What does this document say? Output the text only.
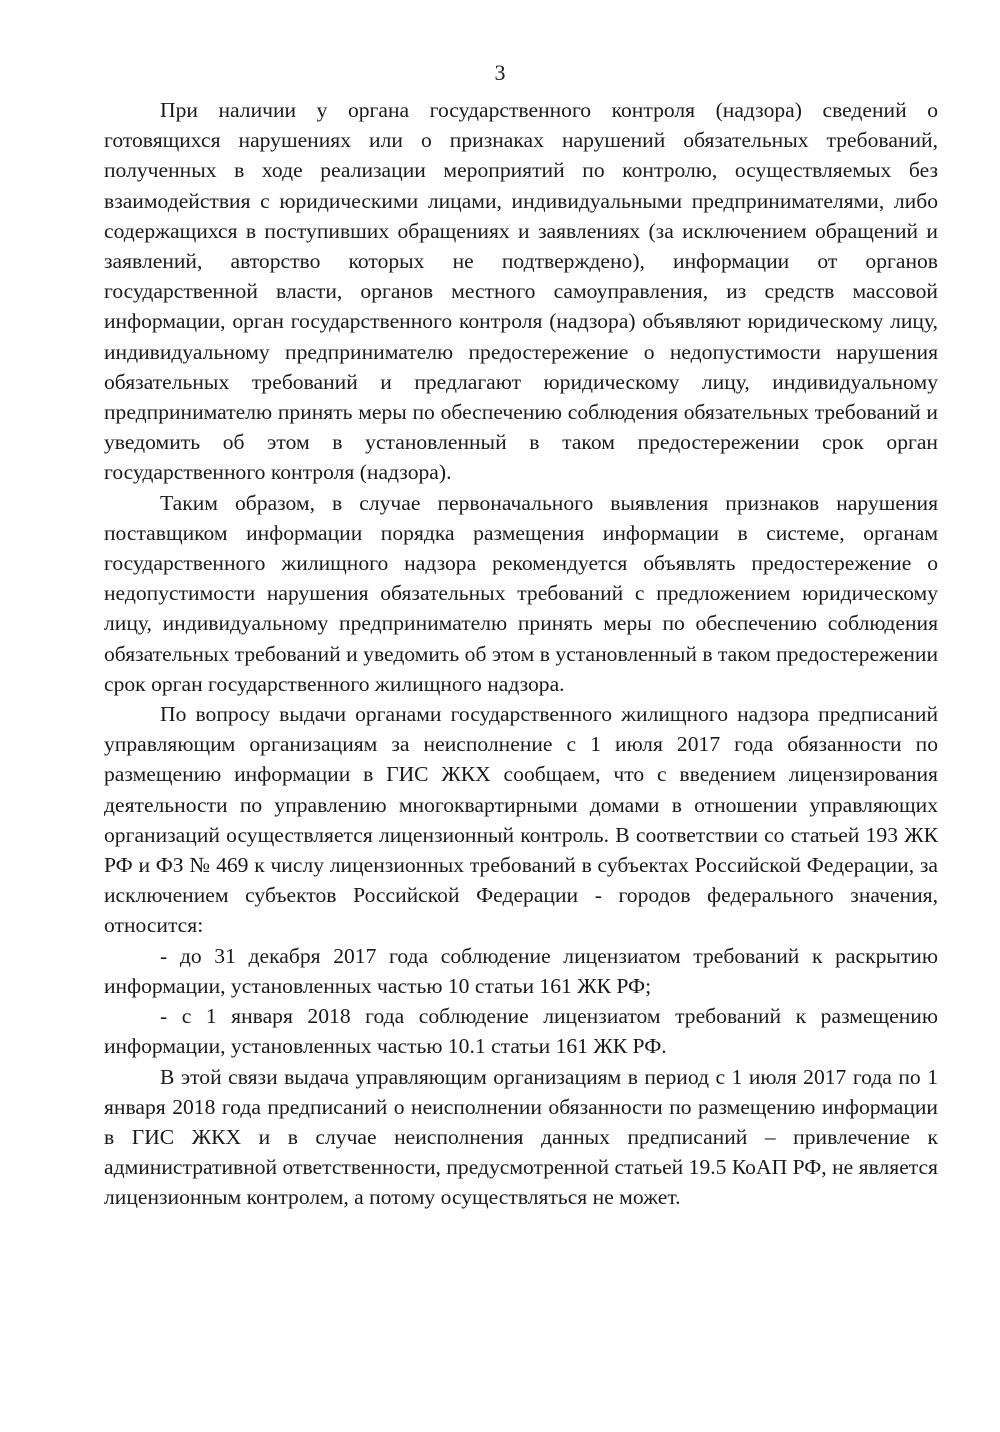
3

При наличии у органа государственного контроля (надзора) сведений о готовящихся нарушениях или о признаках нарушений обязательных требований, полученных в ходе реализации мероприятий по контролю, осуществляемых без взаимодействия с юридическими лицами, индивидуальными предпринимателями, либо содержащихся в поступивших обращениях и заявлениях (за исключением обращений и заявлений, авторство которых не подтверждено), информации от органов государственной власти, органов местного самоуправления, из средств массовой информации, орган государственного контроля (надзора) объявляют юридическому лицу, индивидуальному предпринимателю предостережение о недопустимости нарушения обязательных требований и предлагают юридическому лицу, индивидуальному предпринимателю принять меры по обеспечению соблюдения обязательных требований и уведомить об этом в установленный в таком предостережении срок орган государственного контроля (надзора).

Таким образом, в случае первоначального выявления признаков нарушения поставщиком информации порядка размещения информации в системе, органам государственного жилищного надзора рекомендуется объявлять предостережение о недопустимости нарушения обязательных требований с предложением юридическому лицу, индивидуальному предпринимателю принять меры по обеспечению соблюдения обязательных требований и уведомить об этом в установленный в таком предостережении срок орган государственного жилищного надзора.

По вопросу выдачи органами государственного жилищного надзора предписаний управляющим организациям за неисполнение с 1 июля 2017 года обязанности по размещению информации в ГИС ЖКХ сообщаем, что с введением лицензирования деятельности по управлению многоквартирными домами в отношении управляющих организаций осуществляется лицензионный контроль. В соответствии со статьей 193 ЖК РФ и ФЗ № 469 к числу лицензионных требований в субъектах Российской Федерации, за исключением субъектов Российской Федерации - городов федерального значения, относится:

- до 31 декабря 2017 года соблюдение лицензиатом требований к раскрытию информации, установленных частью 10 статьи 161 ЖК РФ;

- с 1 января 2018 года соблюдение лицензиатом требований к размещению информации, установленных частью 10.1 статьи 161 ЖК РФ.

В этой связи выдача управляющим организациям в период с 1 июля 2017 года по 1 января 2018 года предписаний о неисполнении обязанности по размещению информации в ГИС ЖКХ и в случае неисполнения данных предписаний – привлечение к административной ответственности, предусмотренной статьей 19.5 КоАП РФ, не является лицензионным контролем, а потому осуществляться не может.
